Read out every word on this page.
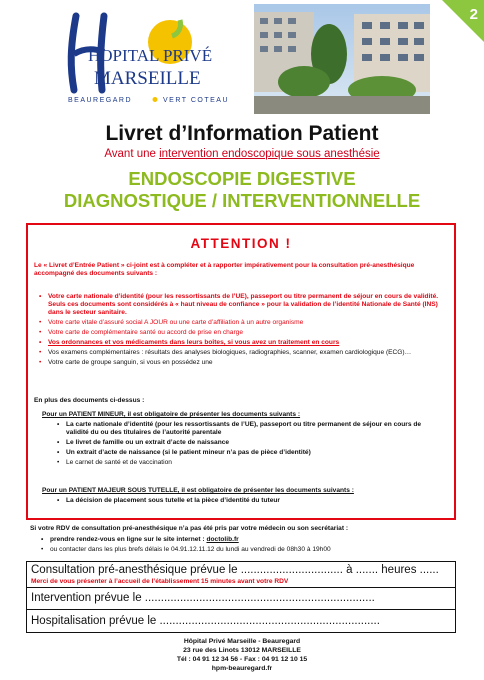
HOPITAL PRIVÉ
MARSEILLE
BEAUREGARD	VERT COTEAU
2
Livret d’Information Patient
Avant une intervention endoscopique sous anesthésie
ENDOSCOPIE DIGESTIVE
DIAGNOSTIQUE / INTERVENTIONNELLE
ATTENTION !
Le « Livret d’Entrée Patient » ci-joint est à compléter et à rapporter impérativement pour la consultation pré-anesthésique accompagné des documents suivants :
• Votre carte nationale d’identité (pour les ressortissants de l’UE), passeport ou titre permanent de séjour en cours de validité. Seuls ces documents sont considérés à « haut niveau de confiance » pour la validation de l’identité Nationale de Santé (INS) dans le secteur sanitaire.
• Votre carte vitale d’assuré social A JOUR ou une carte d’affiliation à un autre organisme
• Votre carte de complémentaire santé ou accord de prise en charge
• Vos ordonnances et vos médicaments dans leurs boîtes, si vous avez un traitement en cours
• Vos examens complémentaires : résultats des analyses biologiques, radiographies, scanner, examen cardiologique (ECG)…
• Votre carte de groupe sanguin, si vous en possédez une
En plus des documents ci-dessus :
Pour un PATIENT MINEUR, il est obligatoire de présenter les documents suivants :
• La carte nationale d’identité (pour les ressortissants de l’UE), passeport ou titre permanent de séjour en cours de validité du ou des titulaires de l’autorité parentale
• Le livret de famille ou un extrait d’acte de naissance
• Un extrait d’acte de naissance (si le patient mineur n’a pas de pièce d’identité)
• Le carnet de santé et de vaccination
Pour un PATIENT MAJEUR SOUS TUTELLE, il est obligatoire de présenter les documents suivants :
• La décision de placement sous tutelle et la pièce d’identité du tuteur
Si votre RDV de consultation pré-anesthésique n’a pas été pris par votre médecin ou son secrétariat :
• prendre rendez-vous en ligne sur le site internet : doctolib.fr
• ou contacter dans les plus brefs délais le 04.91.12.11.12 du lundi au vendredi de 08h30 à 19h00
Consultation pré-anesthésique prévue le ................................ à ....... heures ......
Merci de vous présenter à l’accueil de l’établissement 15 minutes avant votre RDV
Intervention prévue le ........................................................................
Hospitalisation prévue le .....................................................................
Hôpital Privé Marseille - Beauregard
23 rue des Linots 13012 MARSEILLE
Tél : 04 91 12 34 56 - Fax : 04 91 12 10 15
hpm-beauregard.fr
